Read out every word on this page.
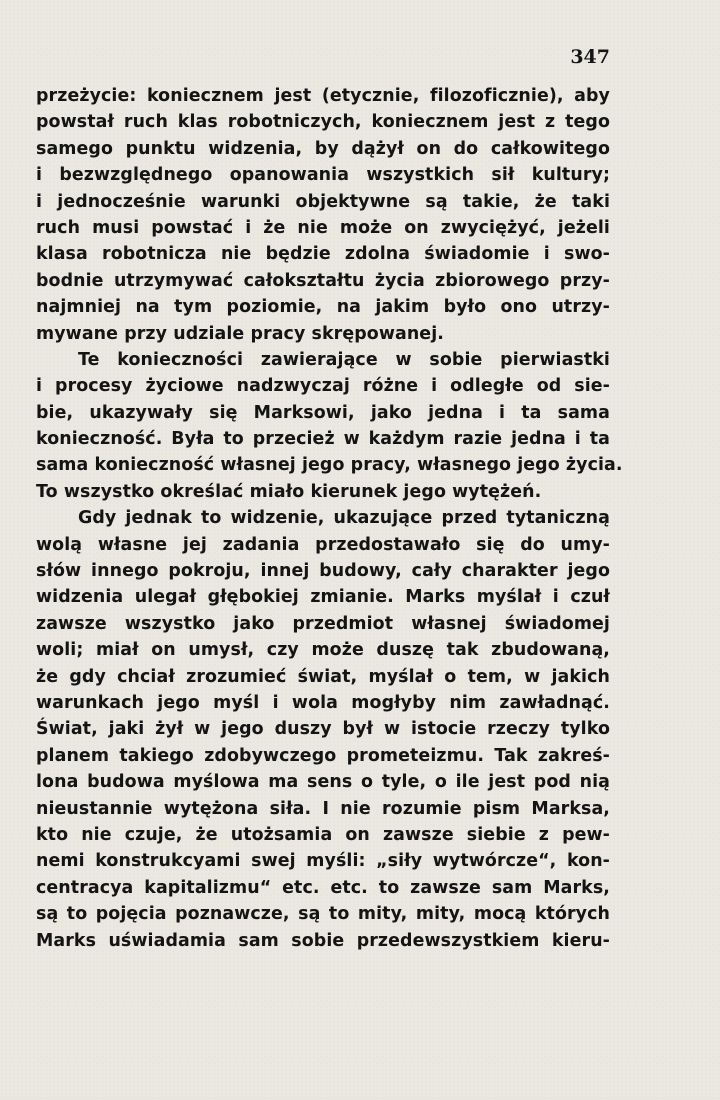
347
przeżycie: koniecznem jest (etycznie, filozoficznie), aby
powstał ruch klas robotniczych, koniecznem jest z tego
samego punktu widzenia, by dążył on do całkowitego
i bezwzględnego opanowania wszystkich sił kultury;
i jednocześnie warunki objektywne są takie, że taki
ruch musi powstać i że nie może on zwyciężyć, jeżeli
klasa robotnicza nie będzie zdolna świadomie i swo-
bodnie utrzymywać całokształtu życia zbiorowego przy-
najmniej na tym poziomie, na jakim było ono utrzy-
mywane przy udziale pracy skrępowanej.
Te konieczności zawierające w sobie pierwiastki
i procesy życiowe nadzwyczaj różne i odległe od sie-
bie, ukazywały się Marksowi, jako jedna i ta sama
konieczność. Była to przecież w każdym razie jedna i ta
sama konieczność własnej jego pracy, własnego jego życia.
To wszystko określać miało kierunek jego wytężeń.
Gdy jednak to widzenie, ukazujące przed tytaniczną
wolą własne jej zadania przedostawało się do umy-
słów innego pokroju, innej budowy, cały charakter jego
widzenia ulegał głębokiej zmianie. Marks myślał i czuł
zawsze wszystko jako przedmiot własnej świadomej
woli; miał on umysł, czy może duszę tak zbudowaną,
że gdy chciał zrozumieć świat, myślał o tem, w jakich
warunkach jego myśl i wola mogłyby nim zawładnąć.
Świat, jaki żył w jego duszy był w istocie rzeczy tylko
planem takiego zdobywczego prometeizmu. Tak zakreś-
lona budowa myślowa ma sens o tyle, o ile jest pod nią
nieustannie wytężona siła. I nie rozumie pism Marksa,
kto nie czuje, że utożsamia on zawsze siebie z pew-
nemi konstrukcyami swej myśli: „siły wytwórcze“, kon-
centracya kapitalizmu“ etc. etc. to zawsze sam Marks,
są to pojęcia poznawcze, są to mity, mity, mocą których
Marks uświadamia sam sobie przedewszystkiem kieru-
